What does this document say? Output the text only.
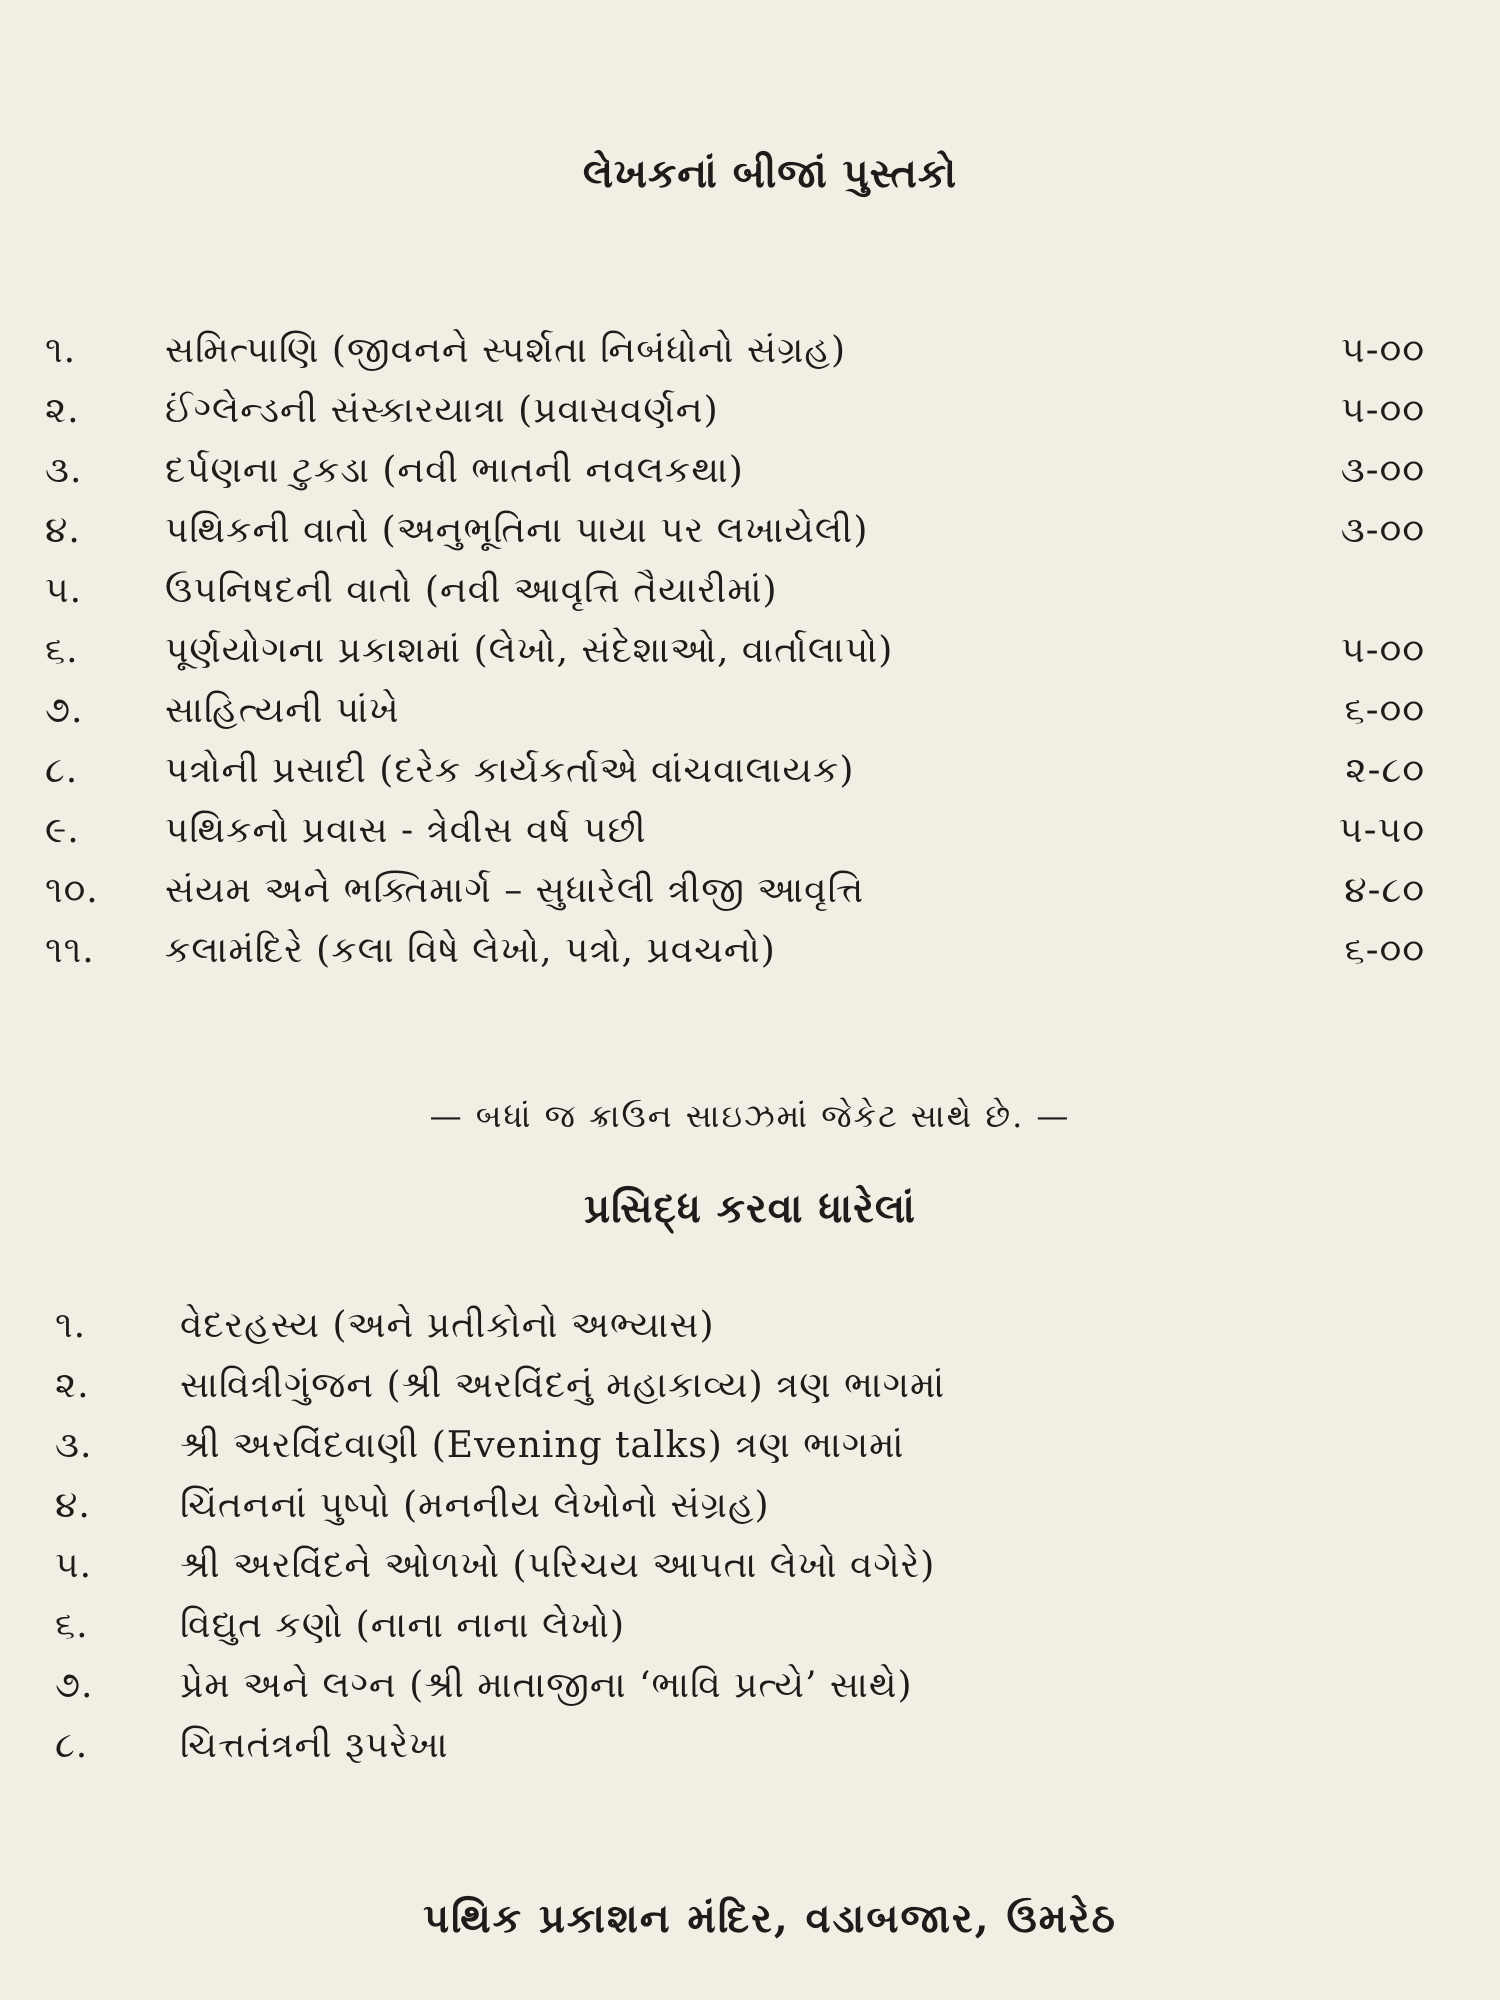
લેખકનાં બીજાં પુસ્તકો
૧.	સમિત્પાણિ (જીવનને સ્પર્શતા નિબંધોનો સંગ્રહ)	૫-૦૦
૨.	ઈંગ્લેન્ડની સંસ્કારયાત્રા (પ્રવાસવર્ણન)	૫-૦૦
૩.	દર્પણના ટુકડા (નવી ભાતની નવલકથા)	૩-૦૦
૪.	પથિકની વાતો (અનુભૂતિના પાયા પર લખાયેલી)	૩-૦૦
૫.	ઉપનિષદની વાતો (નવી આવૃત્તિ તૈયારીમાં)
૬.	પૂર્ણયોગના પ્રકાશમાં (લેખો, સંદેશાઓ, વાર્તાલાપો)	૫-૦૦
૭.	સાહિત્યની પાંખે	૬-૦૦
૮.	પત્રોની પ્રસાદી (દરેક કાર્યકર્તાએ વાંચવાલાયક)	૨-૮૦
૯.	પથિકનો પ્રવાસ - ત્રેવીસ વર્ષ પછી	૫-૫૦
૧૦.	સંયમ અને ભક્તિમાર્ગ – સુધારેલી ત્રીજી આવૃત્તિ	૪-૮૦
૧૧.	કલામંદિરે (કલા વિષે લેખો, પત્રો, પ્રવચનો)	૬-૦૦

— બધાં જ ક્રાઉન સાઇઝમાં જેકેટ સાથે છે. —

પ્રસિદ્ધ કરવા ધારેલાં
૧.	વેદરહસ્ય (અને પ્રતીકોનો અભ્યાસ)
૨.	સાવિત્રીગુંજન (શ્રી અરવિંદનું મહાકાવ્ય) ત્રણ ભાગમાં
૩.	શ્રી અરવિંદવાણી (Evening talks) ત્રણ ભાગમાં
૪.	ચિંતનનાં પુષ્પો (મનનીય લેખોનો સંગ્રહ)
૫.	શ્રી અરવિંદને ઓળખો (પરિચય આપતા લેખો વગેરે)
૬.	વિદ્યુત કણો (નાના નાના લેખો)
૭.	પ્રેમ અને લગ્ન (શ્રી માતાજીના ‘ભાવિ પ્રત્યે’ સાથે)
૮.	ચિત્તતંત્રની રૂપરેખા

પથિક પ્રકાશન મંદિર, વડાબજાર, ઉમરેઠ
